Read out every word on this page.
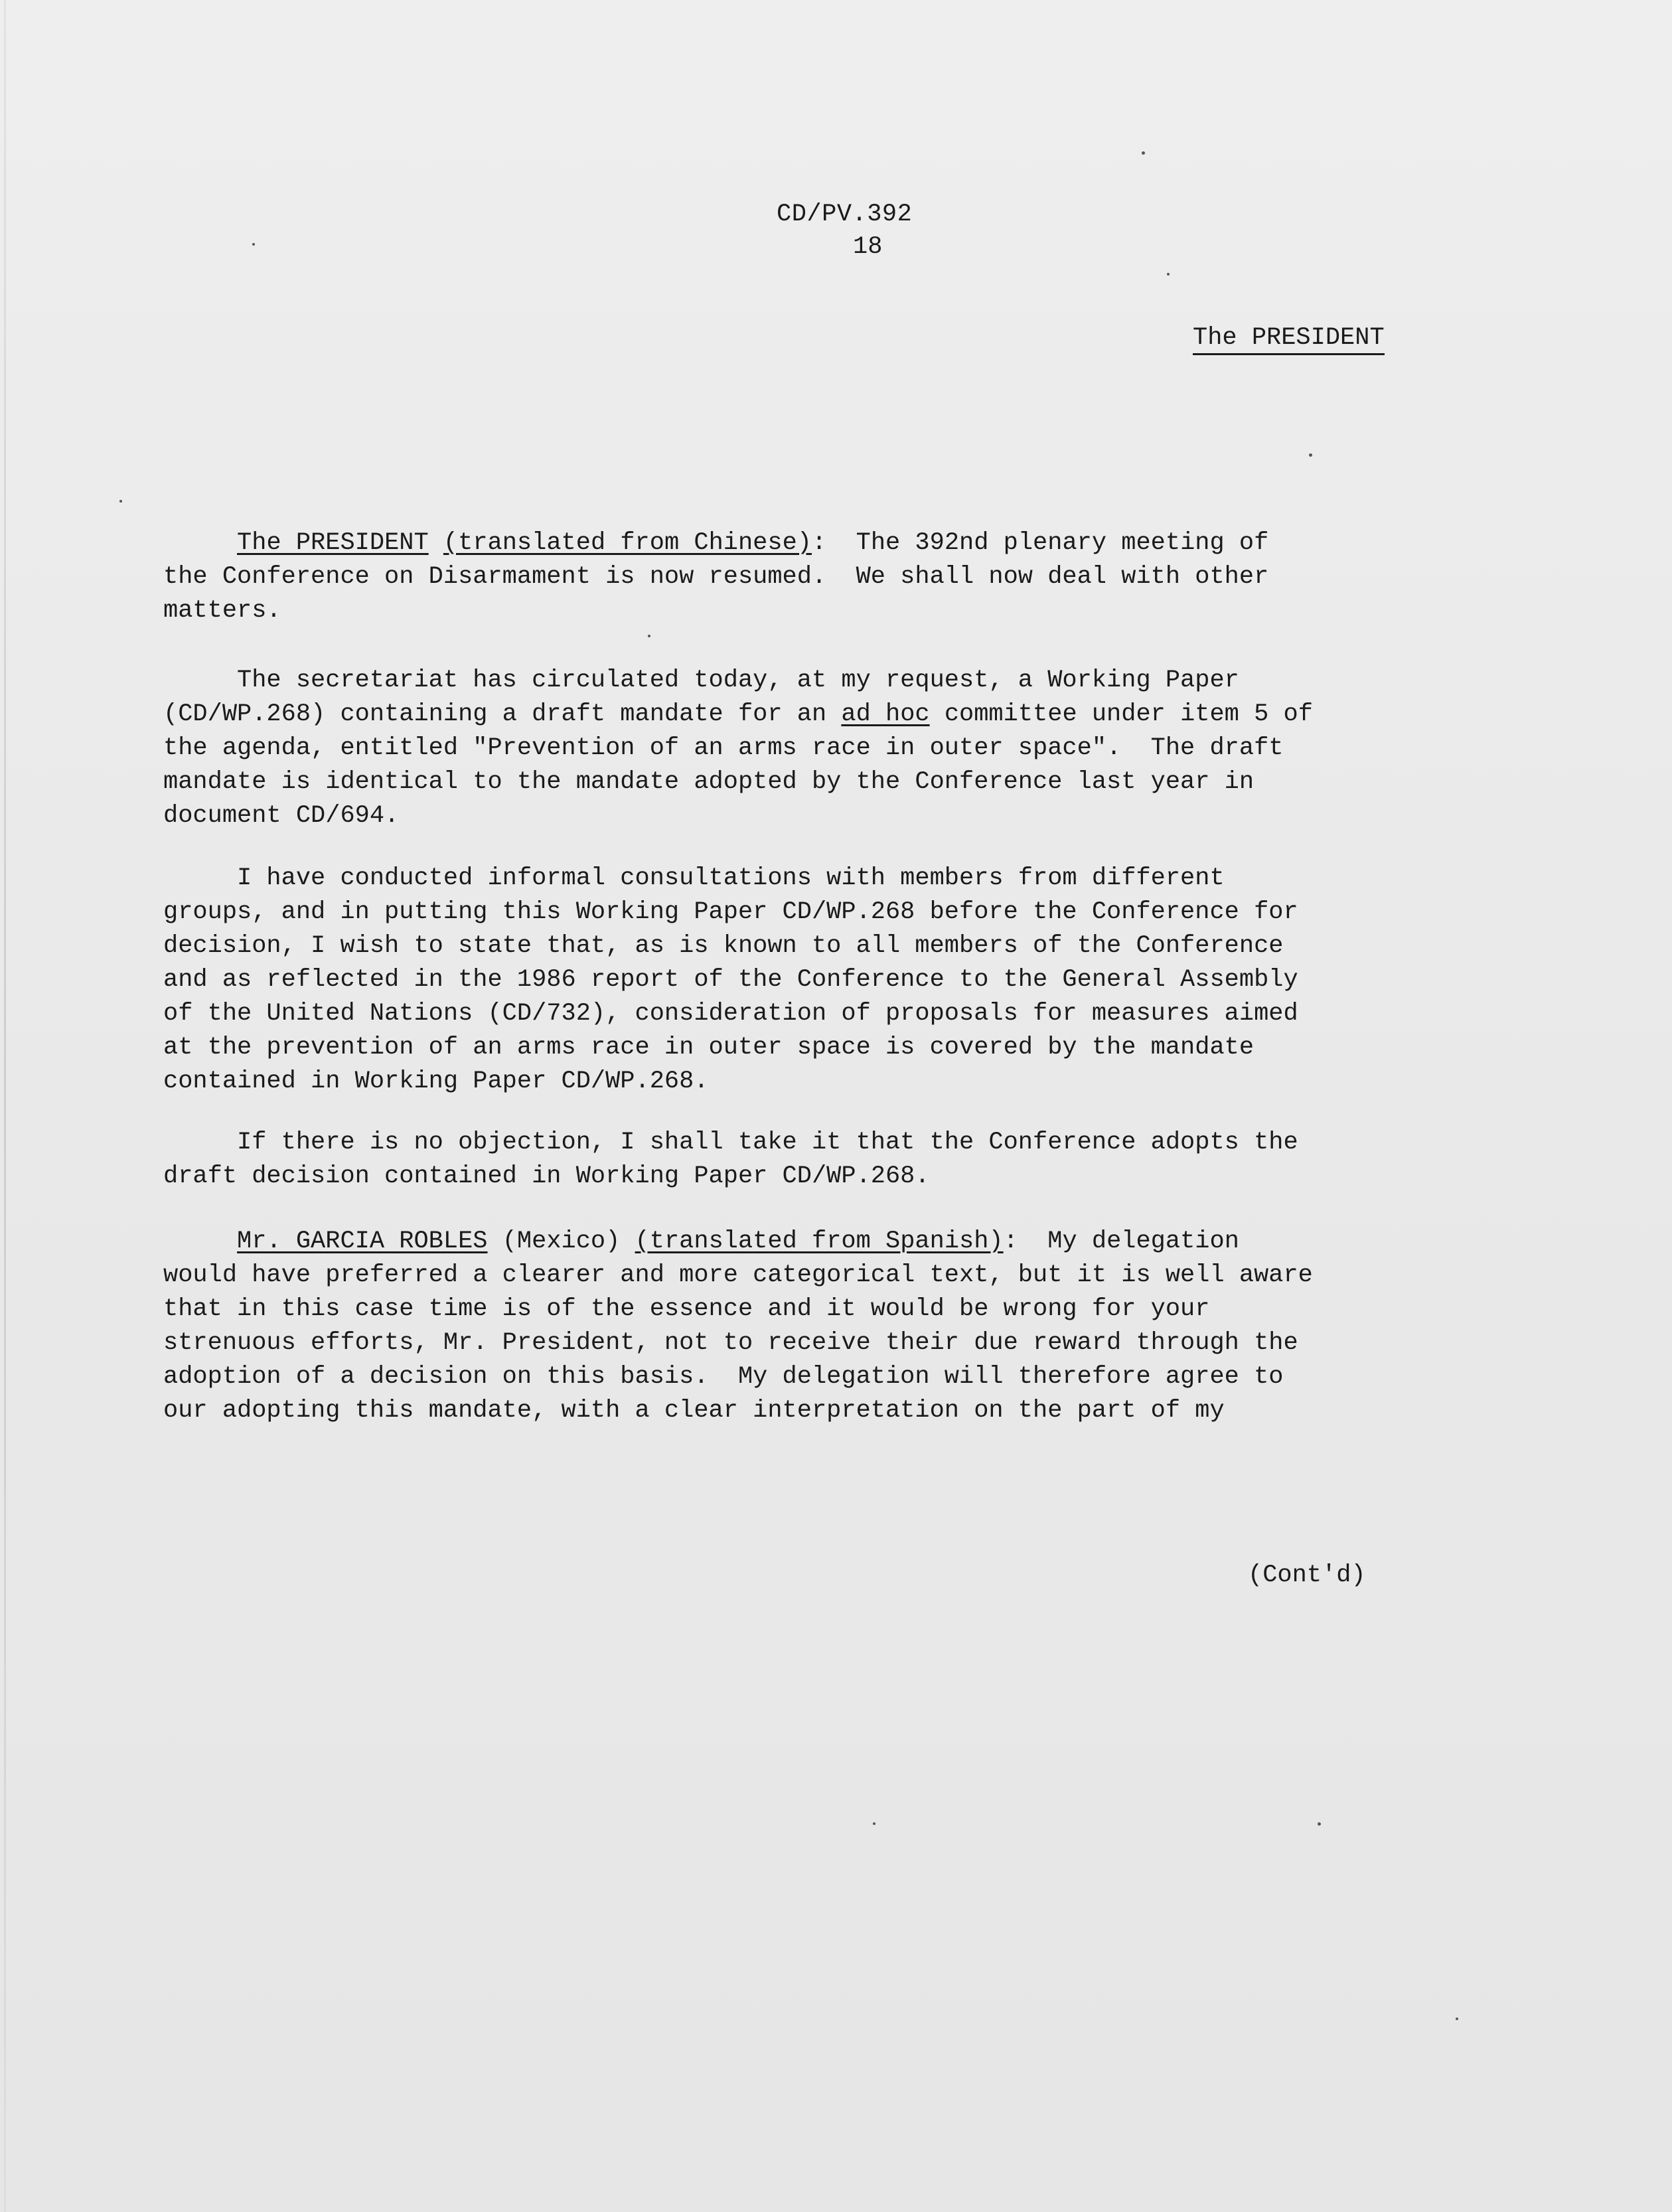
CD/PV.392
18
The PRESIDENT
The PRESIDENT (translated from Chinese):  The 392nd plenary meeting of
the Conference on Disarmament is now resumed.  We shall now deal with other
matters.
The secretariat has circulated today, at my request, a Working Paper
(CD/WP.268) containing a draft mandate for an ad hoc committee under item 5 of
the agenda, entitled "Prevention of an arms race in outer space".  The draft
mandate is identical to the mandate adopted by the Conference last year in
document CD/694.
I have conducted informal consultations with members from different
groups, and in putting this Working Paper CD/WP.268 before the Conference for
decision, I wish to state that, as is known to all members of the Conference
and as reflected in the 1986 report of the Conference to the General Assembly
of the United Nations (CD/732), consideration of proposals for measures aimed
at the prevention of an arms race in outer space is covered by the mandate
contained in Working Paper CD/WP.268.
If there is no objection, I shall take it that the Conference adopts the
draft decision contained in Working Paper CD/WP.268.
Mr. GARCIA ROBLES (Mexico) (translated from Spanish):  My delegation
would have preferred a clearer and more categorical text, but it is well aware
that in this case time is of the essence and it would be wrong for your
strenuous efforts, Mr. President, not to receive their due reward through the
adoption of a decision on this basis.  My delegation will therefore agree to
our adopting this mandate, with a clear interpretation on the part of my
(Cont'd)
